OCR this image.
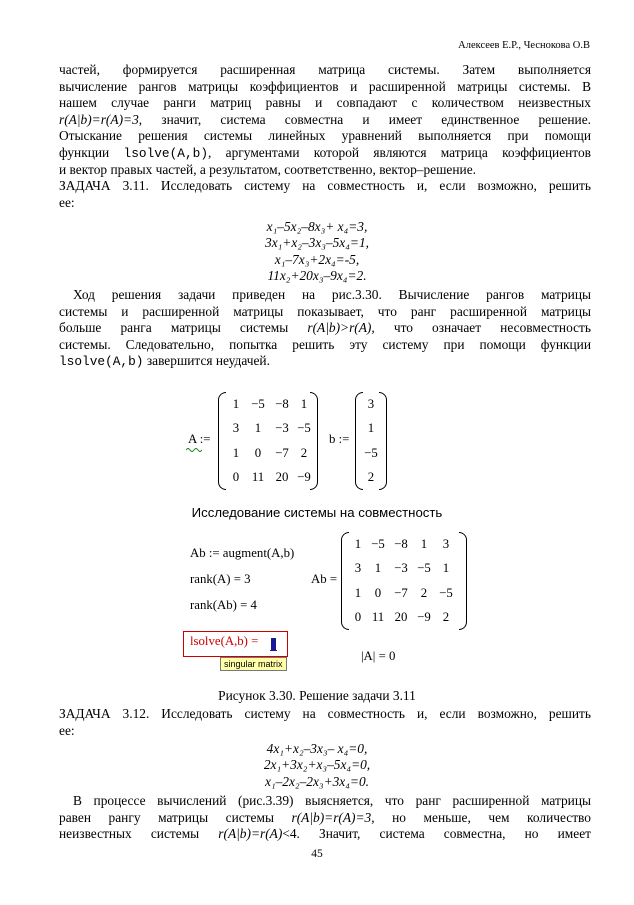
Алексеев Е.Р., Чеснокова О.В
частей, формируется расширенная матрица системы. Затем выполняется
вычисление рангов матрицы коэффициентов и расширенной матрицы системы. В
нашем случае ранги матриц равны и совпадают с количеством неизвестных
r(A|b)=r(A)=3, значит, система совместна и имеет единственное решение.
Отыскание решения системы линейных уравнений выполняется при помощи
функции lsolve(A,b), аргументами которой являются матрица коэффициентов
и вектор правых частей, а результатом, соответственно, вектор–решение.
ЗАДАЧА 3.11. Исследовать систему на совместность и, если возможно, решить
ее:
x₁–5x₂–8x₃+ x₄=3,
3x₁+x₂–3x₃–5x₄=1,
x₁–7x₃+2x₄=-5,
11x₂+20x₃–9x₄=2.
Ход решения задачи приведен на рис.3.30. Вычисление рангов матрицы
системы и расширенной матрицы показывает, что ранг расширенной матрицы
больше ранга матрицы системы r(A|b)>r(A), что означает несовместность
системы. Следовательно, попытка решить эту систему при помощи функции
lsolve(A,b) завершится неудачей.
A :=
1	−5	−8	1
3	1	−3	−5
1	0	−7	2
0	11	20	−9
b :=
3
1
−5
2
Исследование системы на совместность
Ab := augment(A,b)
rank(A) = 3
rank(Ab) = 4
Ab =
1	−5	−8	1	3
3	1	−3	−5	1
1	0	−7	2	−5
0	11	20	−9	2
lsolve(A,b) =
singular matrix
|A| = 0
Рисунок 3.30. Решение задачи 3.11
ЗАДАЧА 3.12. Исследовать систему на совместность и, если возможно, решить
ее:
4x₁+x₂–3x₃– x₄=0,
2x₁+3x₂+x₃–5x₄=0,
x₁–2x₂–2x₃+3x₄=0.
В процессе вычислений (рис.3.39) выясняется, что ранг расширенной матрицы
равен рангу матрицы системы r(A|b)=r(A)=3, но меньше, чем количество
неизвестных системы r(A|b)=r(A)<4. Значит, система совместна, но имеет
45
